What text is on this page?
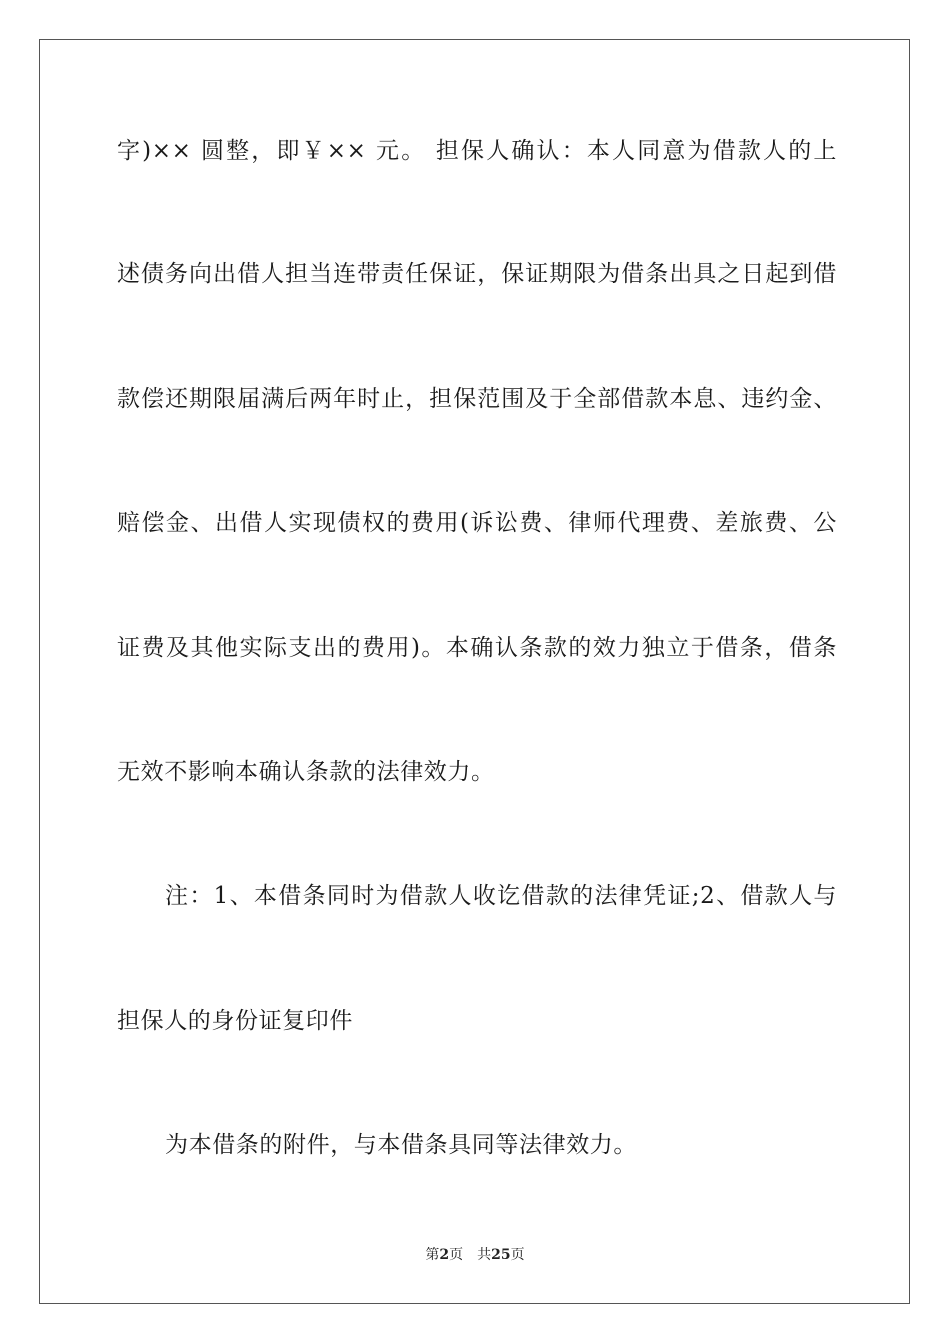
字)×× 圆整，即￥×× 元。 担保人确认：本人同意为借款人的上
述债务向出借人担当连带责任保证，保证期限为借条出具之日起到借
款偿还期限届满后两年时止，担保范围及于全部借款本息、违约金、
赔偿金、出借人实现债权的费用(诉讼费、律师代理费、差旅费、公
证费及其他实际支出的费用)。本确认条款的效力独立于借条，借条
无效不影响本确认条款的法律效力。
注：1、本借条同时为借款人收讫借款的法律凭证;2、借款人与
担保人的身份证复印件
为本借条的附件，与本借条具同等法律效力。
第2页 共25页
